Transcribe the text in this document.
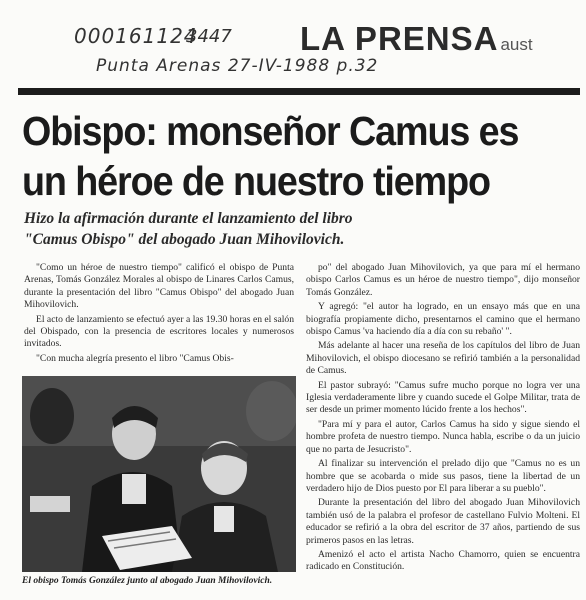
000161124
3447
Punta Arenas 27-IV-1988 p.32
LA PRENSA aust
Obispo: monseñor Camus es
un héroe de nuestro tiempo
Hizo la afirmación durante el lanzamiento del libro
"Camus Obispo" del abogado Juan Mihovilovich.

"Como un héroe de nuestro tiempo" calificó el obispo de Punta Arenas, Tomás González Morales al obispo de Linares Carlos Camus, durante la presentación del libro "Camus Obispo" del abogado Juan Mihovilovich.

El acto de lanzamiento se efectuó ayer a las 19.30 horas en el salón del Obispado, con la presencia de escritores locales y numerosos invitados.

"Con mucha alegría presento el libro "Camus Obis-

El obispo Tomás González junto al abogado Juan Mihovilovich.

po" del abogado Juan Mihovilovich, ya que para mí el hermano obispo Carlos Camus es un héroe de nuestro tiempo", dijo monseñor Tomás González.

Y agregó: "el autor ha logrado, en un ensayo más que en una biografía propiamente dicho, presentarnos el camino que el hermano obispo Camus 'va haciendo día a día con su rebaño' ".

Más adelante al hacer una reseña de los capítulos del libro de Juan Mihovilovich, el obispo diocesano se refirió también a la personalidad de Camus.

El pastor subrayó: "Camus sufre mucho porque no logra ver una Iglesia verdaderamente libre y cuando sucede el Golpe Militar, trata de ser desde un primer momento lúcido frente a los hechos".

"Para mí y para el autor, Carlos Camus ha sido y sigue siendo el hombre profeta de nuestro tiempo. Nunca habla, escribe o da un juicio que no parta de Jesucristo".

Al finalizar su intervención el prelado dijo que "Camus no es un hombre que se acobarda o mide sus pasos, tiene la libertad de un verdadero hijo de Dios puesto por El para liberar a su pueblo".

Durante la presentación del libro del abogado Juan Mihovilovich también usó de la palabra el profesor de castellano Fulvio Molteni. El educador se refirió a la obra del escritor de 37 años, partiendo de sus primeros pasos en las letras.

Amenizó el acto el artista Nacho Chamorro, quien se encuentra radicado en Constitución.
